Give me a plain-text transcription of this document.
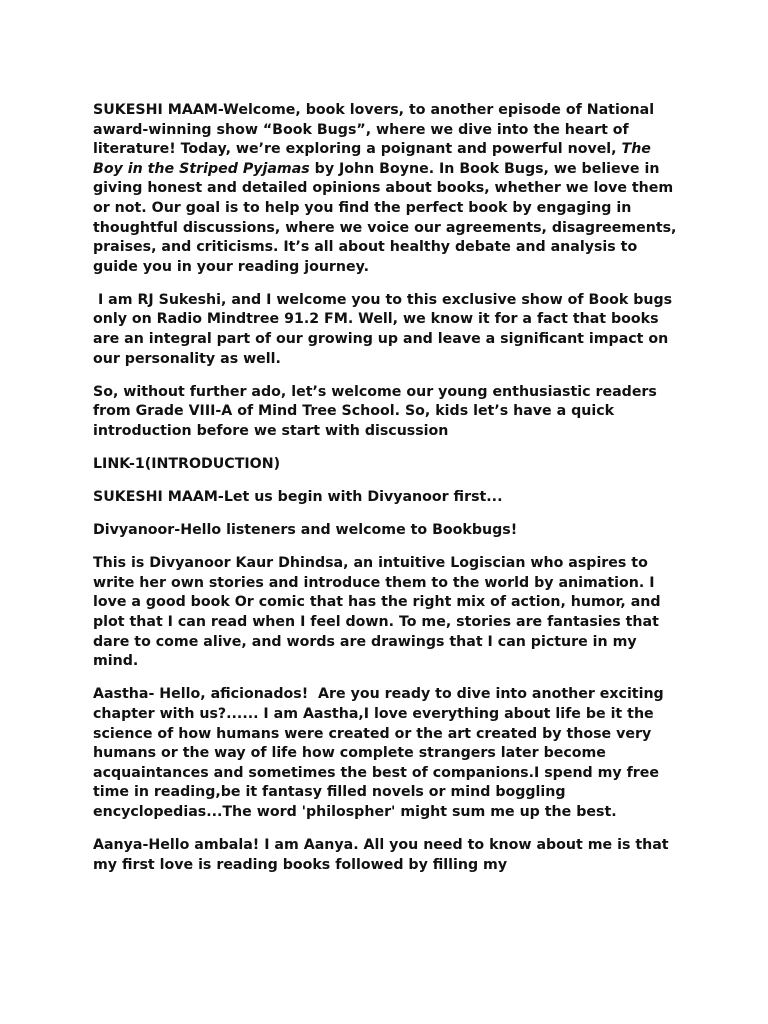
SUKESHI MAAM-Welcome, book lovers, to another episode of National award-winning show “Book Bugs”, where we dive into the heart of literature! Today, we’re exploring a poignant and powerful novel, The Boy in the Striped Pyjamas by John Boyne. In Book Bugs, we believe in giving honest and detailed opinions about books, whether we love them or not. Our goal is to help you find the perfect book by engaging in thoughtful discussions, where we voice our agreements, disagreements, praises, and criticisms. It’s all about healthy debate and analysis to guide you in your reading journey.

I am RJ Sukeshi, and I welcome you to this exclusive show of Book bugs only on Radio Mindtree 91.2 FM. Well, we know it for a fact that books are an integral part of our growing up and leave a significant impact on our personality as well.

So, without further ado, let’s welcome our young enthusiastic readers from Grade VIII-A of Mind Tree School. So, kids let’s have a quick introduction before we start with discussion

LINK-1(INTRODUCTION)

SUKESHI MAAM-Let us begin with Divyanoor first...

Divyanoor-Hello listeners and welcome to Bookbugs!

This is Divyanoor Kaur Dhindsa, an intuitive Logiscian who aspires to write her own stories and introduce them to the world by animation. I love a good book Or comic that has the right mix of action, humor, and plot that I can read when I feel down. To me, stories are fantasies that dare to come alive, and words are drawings that I can picture in my mind.

Aastha- Hello, aficionados!  Are you ready to dive into another exciting chapter with us?...... I am Aastha,I love everything about life be it the science of how humans were created or the art created by those very humans or the way of life how complete strangers later become acquaintances and sometimes the best of companions.I spend my free time in reading,be it fantasy filled novels or mind boggling encyclopedias...The word 'philospher' might sum me up the best.

Aanya-Hello ambala! I am Aanya. All you need to know about me is that my first love is reading books followed by filling my
